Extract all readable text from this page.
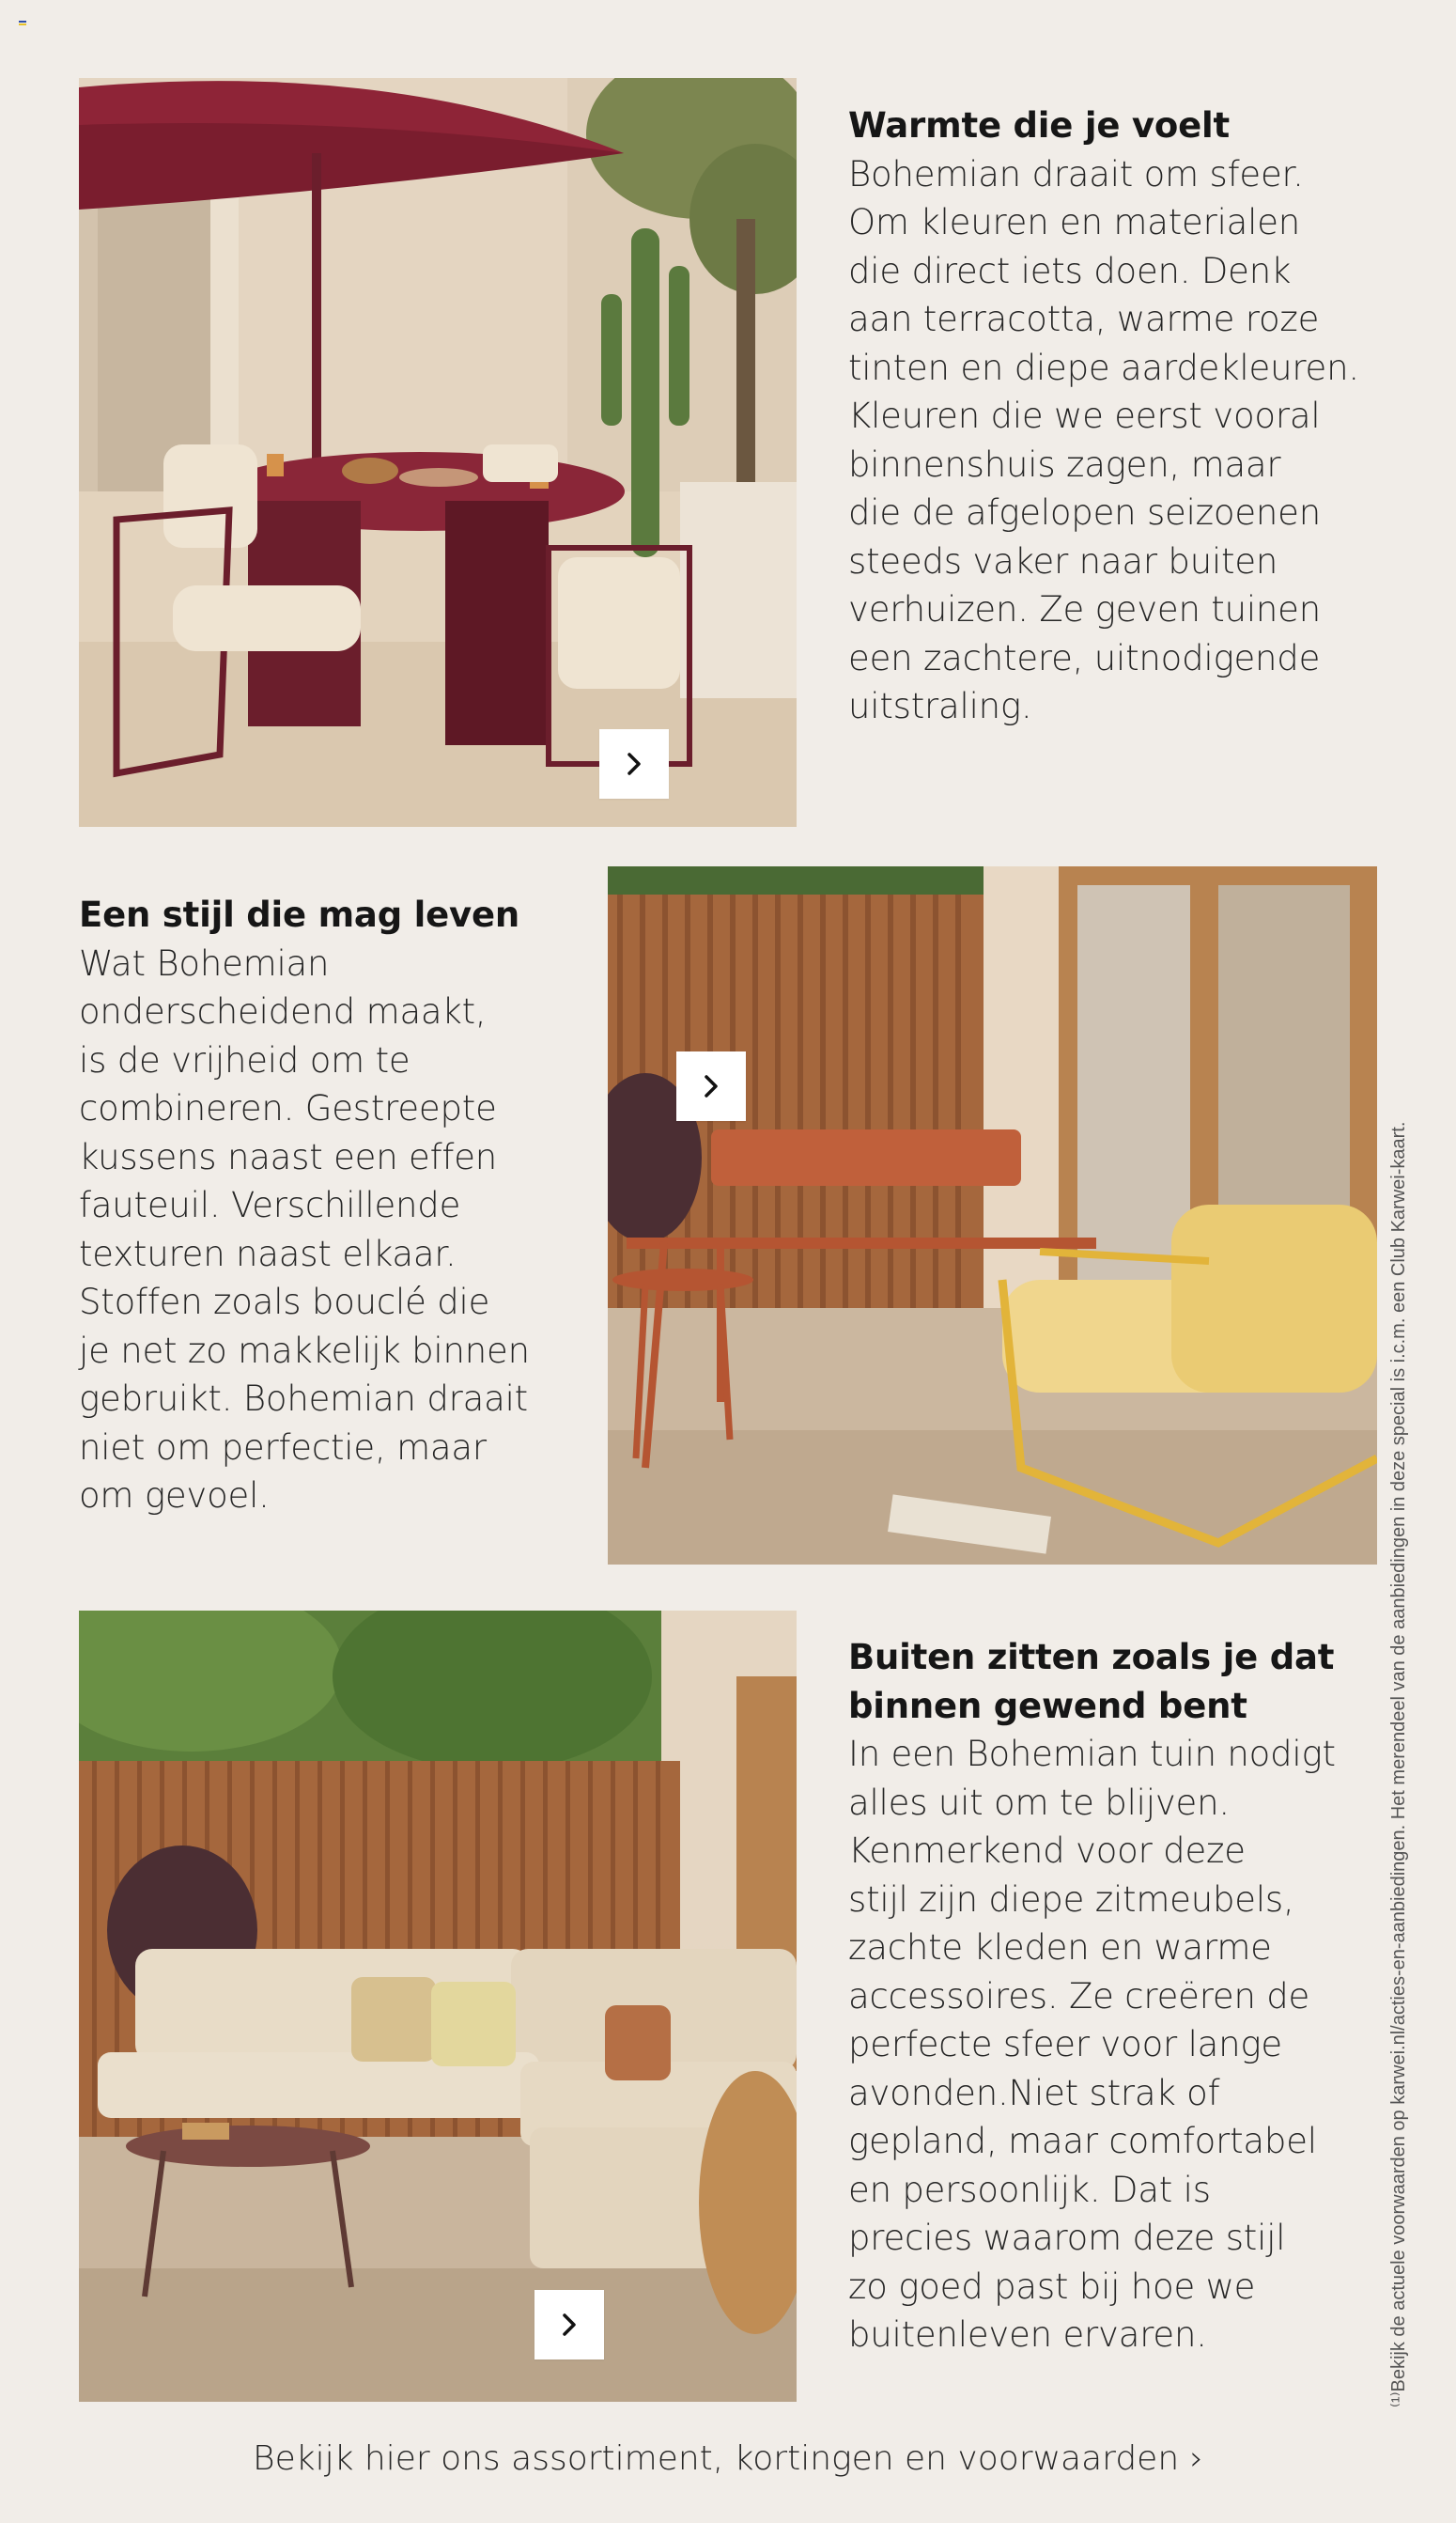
Warmte die je voelt
Bohemian draait om sfeer.
Om kleuren en materialen
die direct iets doen. Denk
aan terracotta, warme roze
tinten en diepe aardekleuren.
Kleuren die we eerst vooral
binnenshuis zagen, maar
die de afgelopen seizoenen
steeds vaker naar buiten
verhuizen. Ze geven tuinen
een zachtere, uitnodigende
uitstraling.
Een stijl die mag leven
Wat Bohemian
onderscheidend maakt,
is de vrijheid om te
combineren. Gestreepte
kussens naast een effen
fauteuil. Verschillende
texturen naast elkaar.
Stoffen zoals bouclé die
je net zo makkelijk binnen
gebruikt. Bohemian draait
niet om perfectie, maar
om gevoel.
Buiten zitten zoals je dat
binnen gewend bent
In een Bohemian tuin nodigt
alles uit om te blijven.
Kenmerkend voor deze
stijl zijn diepe zitmeubels,
zachte kleden en warme
accessoires. Ze creëren de
perfecte sfeer voor lange
avonden.Niet strak of
gepland, maar comfortabel
en persoonlijk. Dat is
precies waarom deze stijl
zo goed past bij hoe we
buitenleven ervaren.	⁽¹⁾Bekijk de actuele voorwaarden op karwei.nl/acties-en-aanbiedingen. Het merendeel van de aanbiedingen in deze special is i.c.m. een Club Karwei-kaart.
Bekijk hier ons assortiment, kortingen en voorwaarden ›
